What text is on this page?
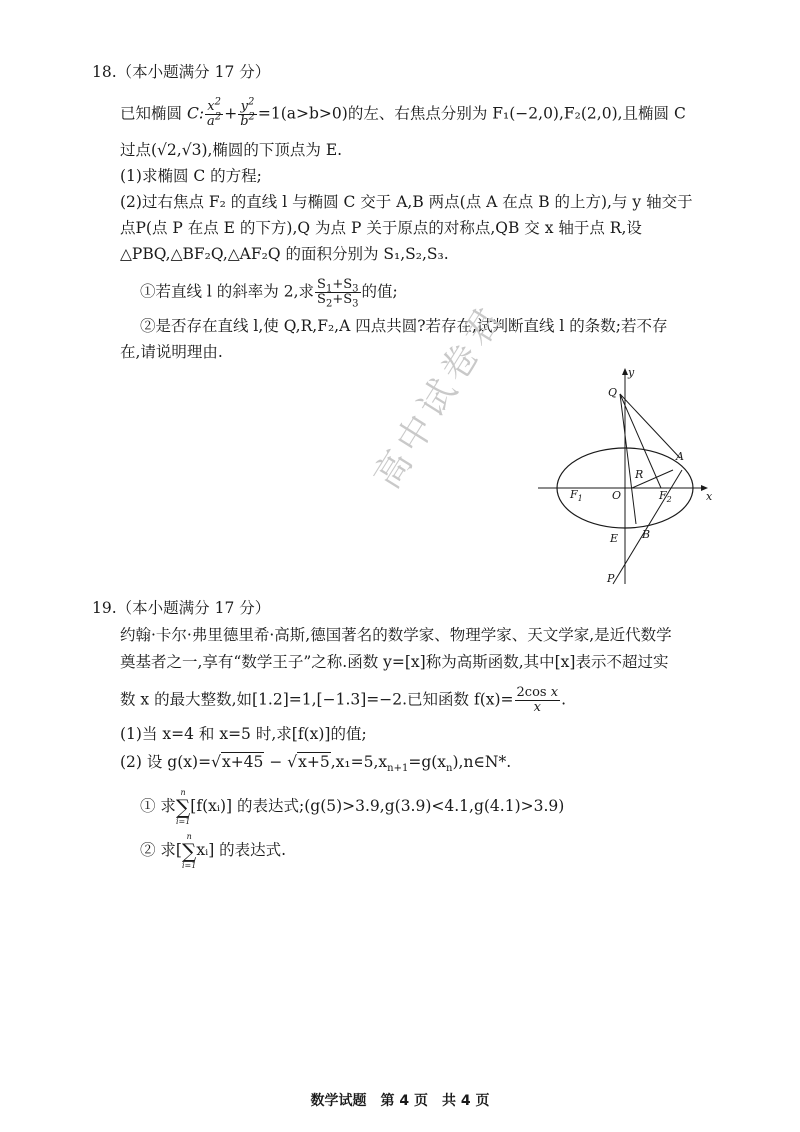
18.（本小题满分 17 分）
已知椭圆 C: $\frac{x^2}{a^2} + \frac{y^2}{b^2} =1(a>b>0)$的左、右焦点分别为 F₁(−2,0),F₂(2,0),且椭圆 C
过点(√2,√3),椭圆的下顶点为 E.
(1)求椭圆 C 的方程;
(2)过右焦点 F₂ 的直线 l 与椭圆 C 交于 A,B 两点(点 A 在点 B 的上方),与 y 轴交于
点P(点 P 在点 E 的下方),Q 为点 P 关于原点的对称点,QB 交 x 轴于点 R,设
△PBQ,△BF₂Q,△AF₂Q 的面积分别为 S₁,S₂,S₃.
①若直线 l 的斜率为 2,求 $\frac{S_1+S_3}{S_2+S_3}$ 的值;
②是否存在直线 l,使 Q,R,F₂,A 四点共圆?若存在,试判断直线 l 的条数;若不存
在,请说明理由.
y
x
Q
A
R
$F_1$	O	$F_2$
E B
P
高中试卷君
19.（本小题满分 17 分）
约翰·卡尔·弗里德里希·高斯,德国著名的数学家、物理学家、天文学家,是近代数学
奠基者之一,享有“数学王子”之称.函数 y=[x]称为高斯函数,其中[x]表示不超过实
数 x 的最大整数,如[1.2]=1,[−1.3]=−2.已知函数 $f(x)= \frac{\text{2cos x}}{x}$ .
(1)当 x=4 和 x=5 时,求[f(x)]的值;
(2) 设 $g(x)=√x+45 - √x+5,x_1=5,x_{n+1}=g(x_n),n\in N*$.
① 求
n
∑
i=1
[f(xᵢ)] 的表达式;(g(5)>3.9,g(3.9)<4.1,g(4.1)>3.9)
② 求[
n
∑
i=1
xᵢ] 的表达式.
数学试题　第 4 页　共 4 页
